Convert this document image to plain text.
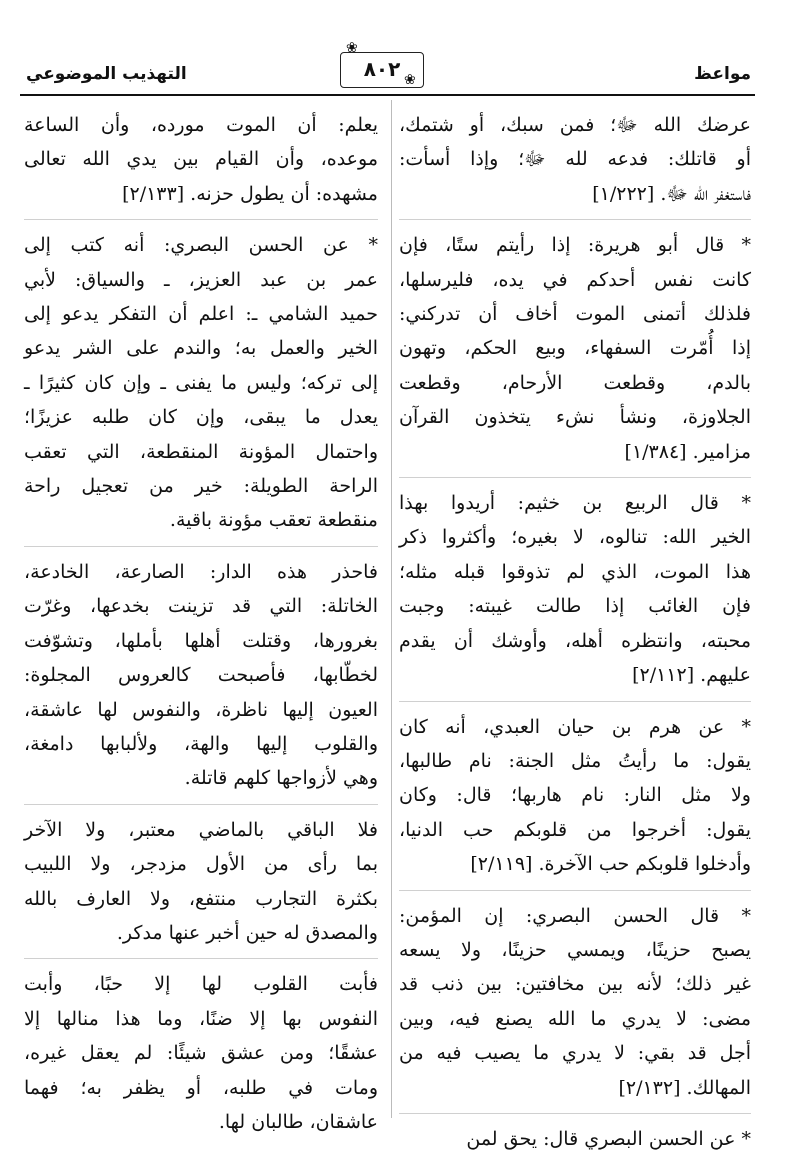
مواعظ
❀
❀
٨٠٢
التهذيب الموضوعي
عرضك الله ﷻ؛ فمن سبك، أو شتمك،
أو قاتلك: فدعه لله ﷻ؛ وإذا أسأت:
فاستغفر الله ﷻ. [١/٢٢٢]
* قال أبو هريرة: إذا رأيتم ستًا، فإن
كانت نفس أحدكم في يده، فليرسلها،
فلذلك أتمنى الموت أخاف أن تدركني:
إذا أُمّرت السفهاء، وبيع الحكم، وتهون
بالدم، وقطعت الأرحام، وقطعت
الجلاوزة، ونشأ نشء يتخذون القرآن
مزامير. [١/٣٨٤]
* قال الربيع بن خثيم: أريدوا بهذا
الخير الله: تنالوه، لا بغيره؛ وأكثروا ذكر
هذا الموت، الذي لم تذوقوا قبله مثله؛
فإن الغائب إذا طالت غيبته: وجبت
محبته، وانتظره أهله، وأوشك أن يقدم
عليهم. [٢/١١٢]
* عن هرم بن حيان العبدي، أنه كان
يقول: ما رأيتُ مثل الجنة: نام طالبها،
ولا مثل النار: نام هاربها؛ قال: وكان
يقول: أخرجوا من قلوبكم حب الدنيا،
وأدخلوا قلوبكم حب الآخرة. [٢/١١٩]
* قال الحسن البصري: إن المؤمن:
يصبح حزينًا، ويمسي حزينًا، ولا يسعه
غير ذلك؛ لأنه بين مخافتين: بين ذنب قد
مضى: لا يدري ما الله يصنع فيه، وبين
أجل قد بقي: لا يدري ما يصيب فيه من
المهالك. [٢/١٣٢]
* عن الحسن البصري قال: يحق لمن
يعلم: أن الموت مورده، وأن الساعة
موعده، وأن القيام بين يدي الله تعالى
مشهده: أن يطول حزنه. [٢/١٣٣]
* عن الحسن البصري: أنه كتب إلى
عمر بن عبد العزيز، ـ والسياق: لأبي
حميد الشامي ـ: اعلم أن التفكر يدعو إلى
الخير والعمل به؛ والندم على الشر يدعو
إلى تركه؛ وليس ما يفنى ـ وإن كان كثيرًا ـ
يعدل ما يبقى، وإن كان طلبه عزيزًا؛
واحتمال المؤونة المنقطعة، التي تعقب
الراحة الطويلة: خير من تعجيل راحة
منقطعة تعقب مؤونة باقية.
فاحذر هذه الدار: الصارعة، الخادعة،
الخاتلة: التي قد تزينت بخدعها، وغرّت
بغرورها، وقتلت أهلها بأملها، وتشوّفت
لخطّابها، فأصبحت كالعروس المجلوة:
العيون إليها ناظرة، والنفوس لها عاشقة،
والقلوب إليها والهة، ولألبابها دامغة،
وهي لأزواجها كلهم قاتلة.
فلا الباقي بالماضي معتبر، ولا الآخر
بما رأى من الأول مزدجر، ولا اللبيب
بكثرة التجارب منتفع، ولا العارف بالله
والمصدق له حين أخبر عنها مدكر.
فأبت القلوب لها إلا حبًا، وأبت
النفوس بها إلا ضنًا، وما هذا منالها إلا
عشقًا؛ ومن عشق شيئًا: لم يعقل غيره،
ومات في طلبه، أو يظفر به؛ فهما
عاشقان، طالبان لها.
